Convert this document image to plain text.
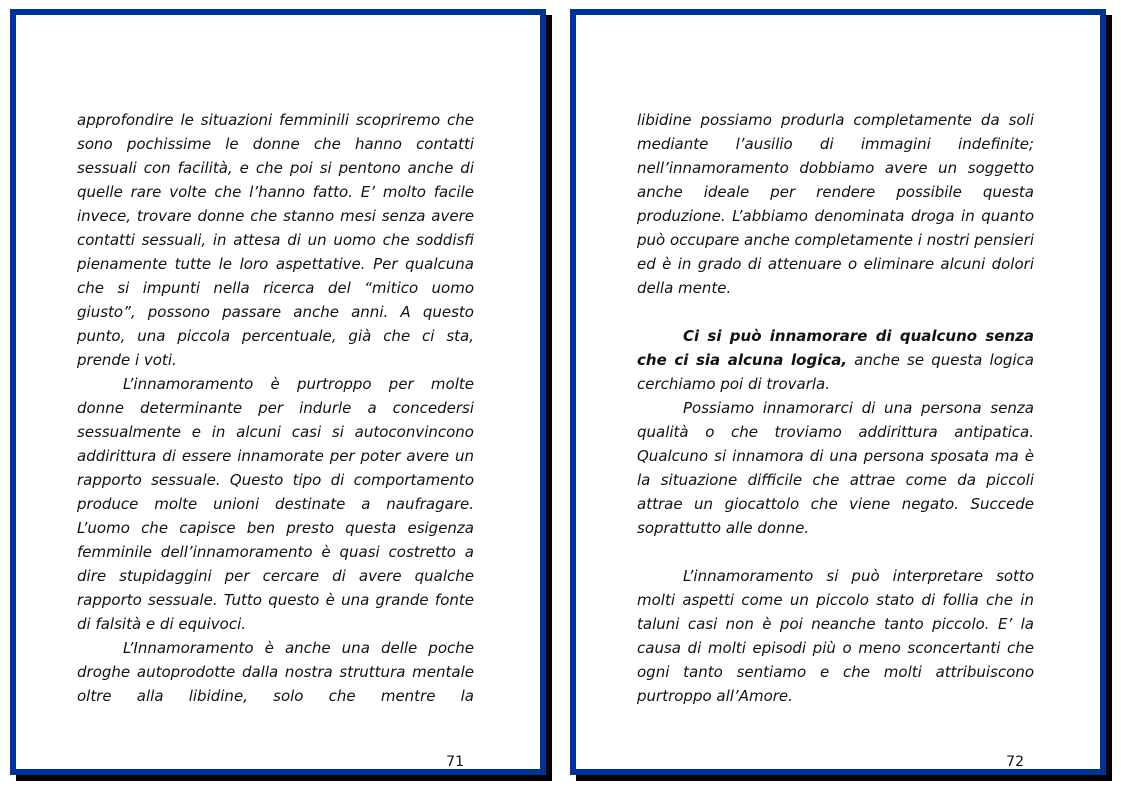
approfondire le situazioni femminili scopriremo che sono pochissime le donne che hanno contatti sessuali con facilità, e che poi si pentono anche di quelle rare volte che l’hanno fatto. E’ molto facile invece, trovare donne che stanno mesi senza avere contatti sessuali, in attesa di un uomo che soddisfi pienamente tutte le loro aspettative. Per qualcuna che si impunti nella ricerca del “mitico uomo giusto”, possono passare anche anni. A questo punto, una piccola percentuale, già che ci sta, prende i voti.

L’innamoramento è purtroppo per molte donne determinante per indurle a concedersi sessualmente e in alcuni casi si autoconvincono addirittura di essere innamorate per poter avere un rapporto sessuale. Questo tipo di comportamento produce molte unioni destinate a naufragare. L’uomo che capisce ben presto questa esigenza femminile dell’innamoramento è quasi costretto a dire stupidaggini per cercare di avere qualche rapporto sessuale. Tutto questo è una grande fonte di falsità e di equivoci.

L’Innamoramento è anche una delle poche droghe autoprodotte dalla nostra struttura mentale oltre alla libidine, solo che mentre la

71

libidine possiamo produrla completamente da soli mediante l’ausilio di immagini indefinite; nell’innamoramento dobbiamo avere un soggetto anche ideale per rendere possibile questa produzione. L’abbiamo denominata droga in quanto può occupare anche completamente i nostri pensieri ed è in grado di attenuare o eliminare alcuni dolori della mente.

Ci si può innamorare di qualcuno senza che ci sia alcuna logica, anche se questa logica cerchiamo poi di trovarla.

Possiamo innamorarci di una persona senza qualità o che troviamo addirittura antipatica. Qualcuno si innamora di una persona sposata ma è la situazione difficile che attrae come da piccoli attrae un giocattolo che viene negato. Succede soprattutto alle donne.

L’innamoramento si può interpretare sotto molti aspetti come un piccolo stato di follia che in taluni casi non è poi neanche tanto piccolo. E’ la causa di molti episodi più o meno sconcertanti che ogni tanto sentiamo e che molti attribuiscono purtroppo all’Amore.

72
